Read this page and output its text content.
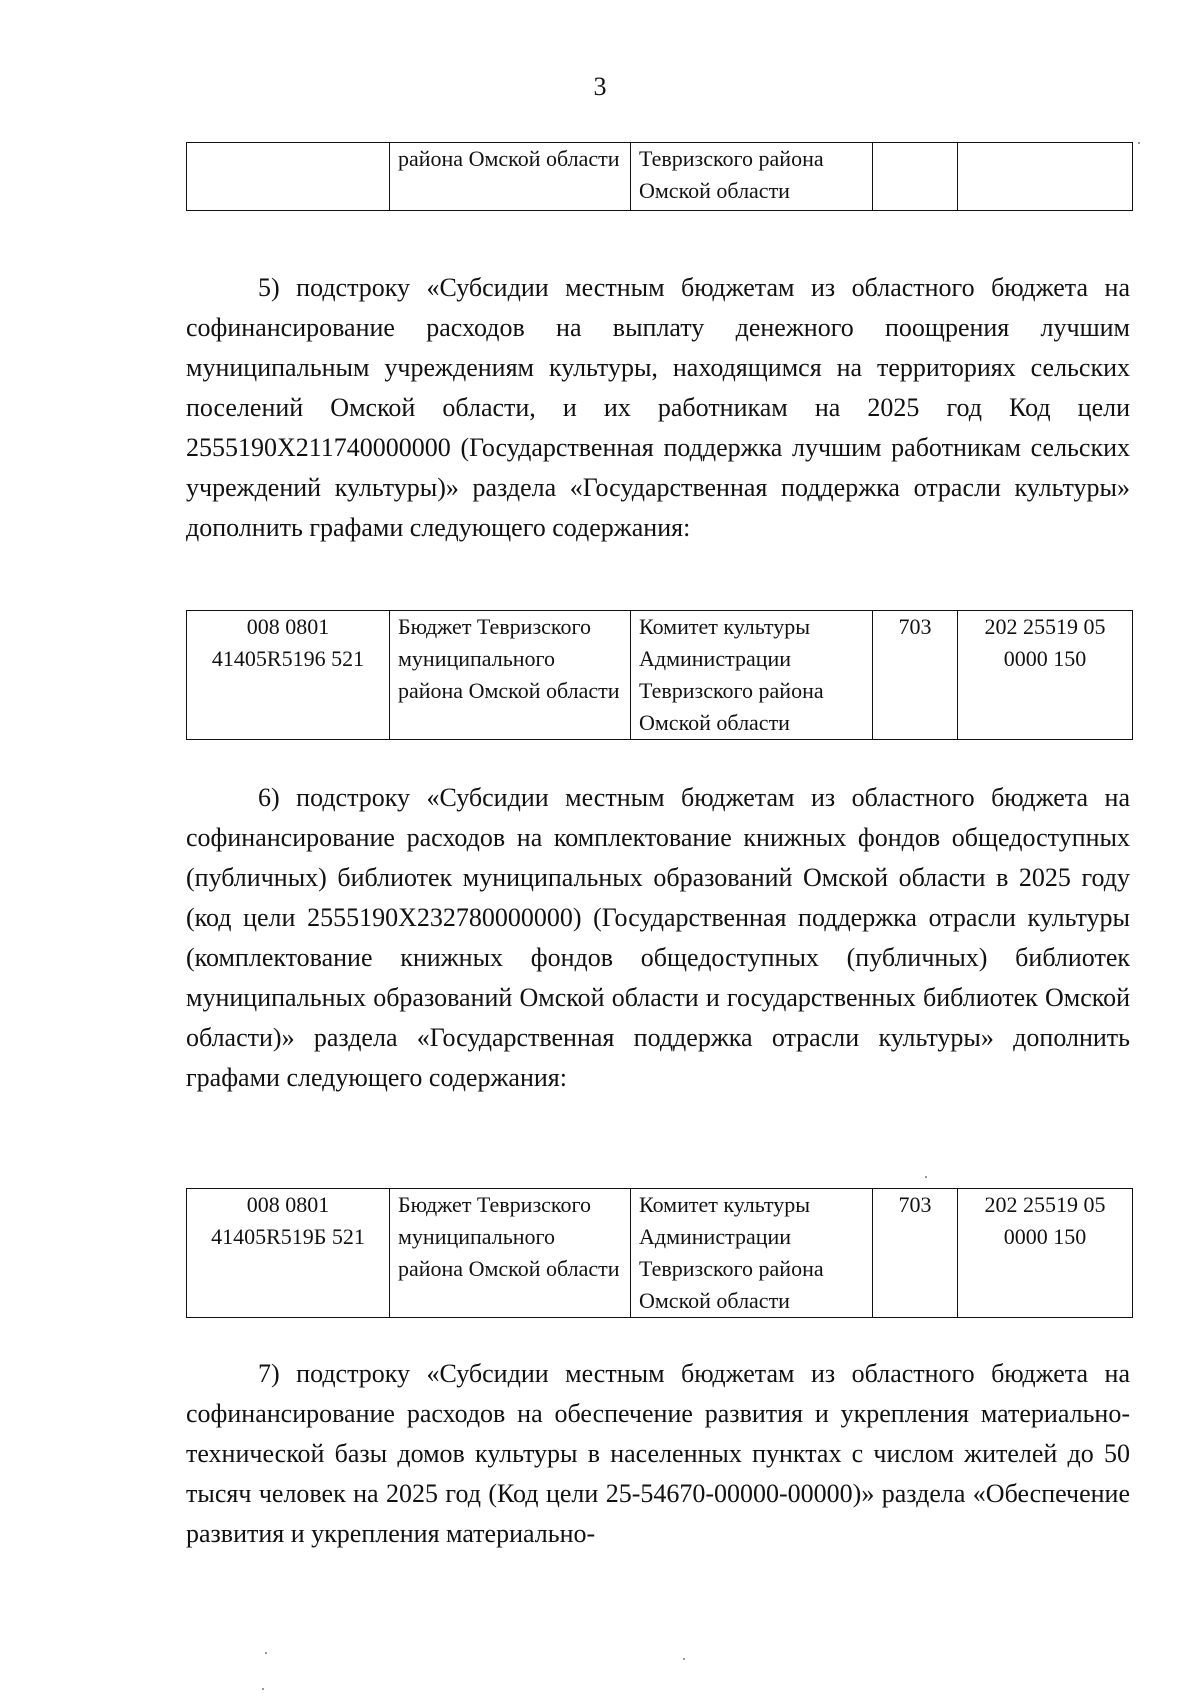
3
	района Омской области	Тевризского района Омской области		
5) подстроку «Субсидии местным бюджетам из областного бюджета на софинансирование расходов на выплату денежного поощрения лучшим муниципальным учреждениям культуры, находящимся на территориях сельских поселений Омской области, и их работникам на 2025 год Код цели 2555190Х211740000000 (Государственная поддержка лучшим работникам сельских учреждений культуры)» раздела «Государственная поддержка отрасли культуры» дополнить графами следующего содержания:
008 0801 41405R5196 521	Бюджет Тевризского муниципального района Омской области	Комитет культуры Администрации Тевризского района Омской области	703	202 25519 05 0000 150
6) подстроку «Субсидии местным бюджетам из областного бюджета на софинансирование расходов на комплектование книжных фондов общедоступных (публичных) библиотек муниципальных образований Омской области в 2025 году (код цели 2555190Х232780000000) (Государственная поддержка отрасли культуры (комплектование книжных фондов общедоступных (публичных) библиотек муниципальных образований Омской области и государственных библиотек Омской области)» раздела «Государственная поддержка отрасли культуры» дополнить графами следующего содержания:
008 0801 41405R519Б 521	Бюджет Тевризского муниципального района Омской области	Комитет культуры Администрации Тевризского района Омской области	703	202 25519 05 0000 150
7) подстроку «Субсидии местным бюджетам из областного бюджета на софинансирование расходов на обеспечение развития и укрепления материально-технической базы домов культуры в населенных пунктах с числом жителей до 50 тысяч человек на 2025 год (Код цели 25-54670-00000-00000)» раздела «Обеспечение развития и укрепления материально-
